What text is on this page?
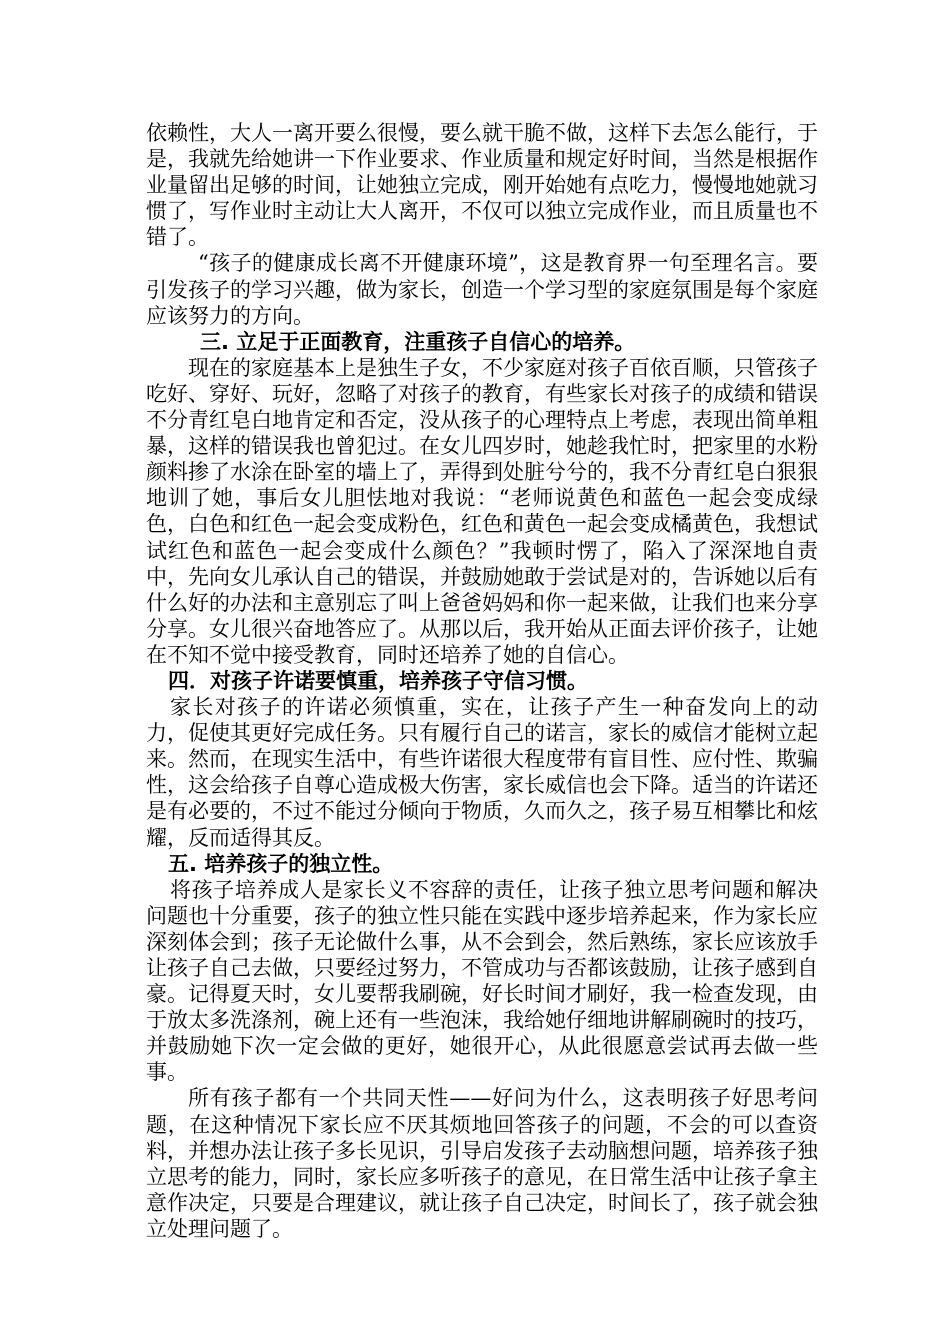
依赖性，大人一离开要么很慢，要么就干脆不做，这样下去怎么能行，于是，我就先给她讲一下作业要求、作业质量和规定好时间，当然是根据作业量留出足够的时间，让她独立完成，刚开始她有点吃力，慢慢地她就习惯了，写作业时主动让大人离开，不仅可以独立完成作业，而且质量也不错了。

“孩子的健康成长离不开健康环境”，这是教育界一句至理名言。要引发孩子的学习兴趣，做为家长，创造一个学习型的家庭氛围是每个家庭应该努力的方向。

三. 立足于正面教育，注重孩子自信心的培养。

现在的家庭基本上是独生子女，不少家庭对孩子百依百顺，只管孩子吃好、穿好、玩好，忽略了对孩子的教育，有些家长对孩子的成绩和错误不分青红皂白地肯定和否定，没从孩子的心理特点上考虑，表现出简单粗暴，这样的错误我也曾犯过。在女儿四岁时，她趁我忙时，把家里的水粉颜料掺了水涂在卧室的墙上了，弄得到处脏兮兮的，我不分青红皂白狠狠地训了她，事后女儿胆怯地对我说：“老师说黄色和蓝色一起会变成绿色，白色和红色一起会变成粉色，红色和黄色一起会变成橘黄色，我想试试红色和蓝色一起会变成什么颜色？”我顿时愣了，陷入了深深地自责中，先向女儿承认自己的错误，并鼓励她敢于尝试是对的，告诉她以后有什么好的办法和主意别忘了叫上爸爸妈妈和你一起来做，让我们也来分享分享。女儿很兴奋地答应了。从那以后，我开始从正面去评价孩子，让她在不知不觉中接受教育，同时还培养了她的自信心。

四．对孩子许诺要慎重，培养孩子守信习惯。

家长对孩子的许诺必须慎重，实在，让孩子产生一种奋发向上的动力，促使其更好完成任务。只有履行自己的诺言，家长的威信才能树立起来。然而，在现实生活中，有些许诺很大程度带有盲目性、应付性、欺骗性，这会给孩子自尊心造成极大伤害，家长威信也会下降。适当的许诺还是有必要的，不过不能过分倾向于物质，久而久之，孩子易互相攀比和炫耀，反而适得其反。

五. 培养孩子的独立性。

将孩子培养成人是家长义不容辞的责任，让孩子独立思考问题和解决问题也十分重要，孩子的独立性只能在实践中逐步培养起来，作为家长应深刻体会到；孩子无论做什么事，从不会到会，然后熟练，家长应该放手让孩子自己去做，只要经过努力，不管成功与否都该鼓励，让孩子感到自豪。记得夏天时，女儿要帮我刷碗，好长时间才刷好，我一检查发现，由于放太多洗涤剂，碗上还有一些泡沫，我给她仔细地讲解刷碗时的技巧，并鼓励她下次一定会做的更好，她很开心，从此很愿意尝试再去做一些事。

所有孩子都有一个共同天性——好问为什么，这表明孩子好思考问题，在这种情况下家长应不厌其烦地回答孩子的问题，不会的可以查资料，并想办法让孩子多长见识，引导启发孩子去动脑想问题，培养孩子独立思考的能力，同时，家长应多听孩子的意见，在日常生活中让孩子拿主意作决定，只要是合理建议，就让孩子自己决定，时间长了，孩子就会独立处理问题了。
